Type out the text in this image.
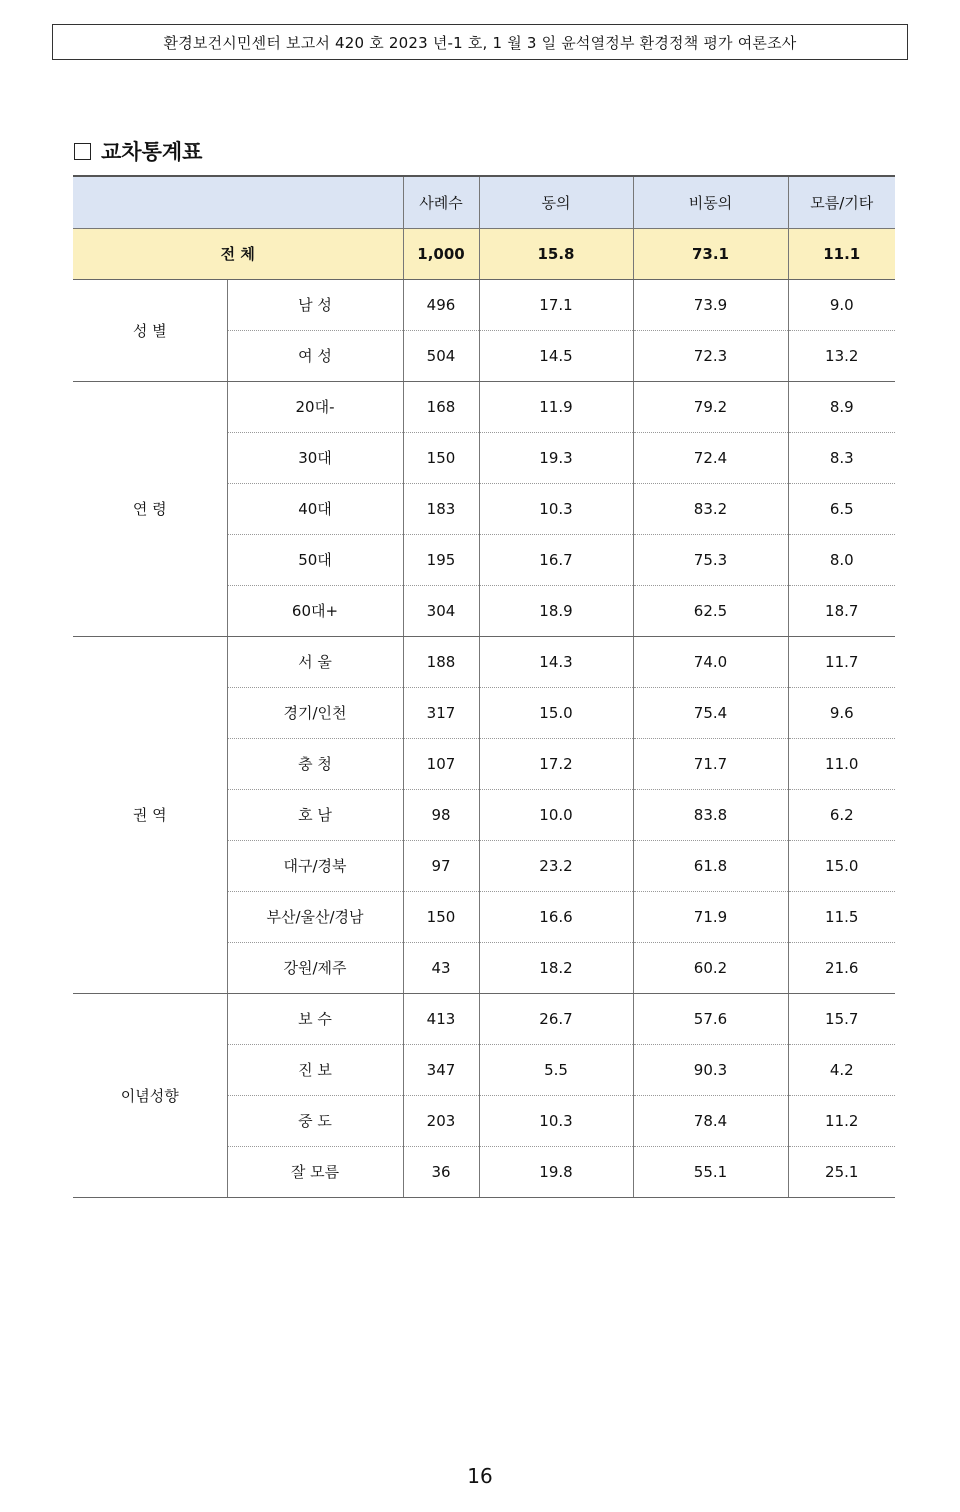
환경보건시민센터 보고서 420 호 2023 년-1 호, 1 월 3 일 윤석열정부 환경정책 평가 여론조사
교차통계표
		사례수	동의	비동의	모름/기타
전 체		1,000	15.8	73.1	11.1
성 별	남 성	496	17.1	73.9	9.0
	여 성	504	14.5	72.3	13.2
연 령	20대-	168	11.9	79.2	8.9
	30대	150	19.3	72.4	8.3
	40대	183	10.3	83.2	6.5
	50대	195	16.7	75.3	8.0
	60대+	304	18.9	62.5	18.7
권 역	서 울	188	14.3	74.0	11.7
	경기/인천	317	15.0	75.4	9.6
	충 청	107	17.2	71.7	11.0
	호 남	98	10.0	83.8	6.2
	대구/경북	97	23.2	61.8	15.0
	부산/울산/경남	150	16.6	71.9	11.5
	강원/제주	43	18.2	60.2	21.6
이념성향	보 수	413	26.7	57.6	15.7
	진 보	347	5.5	90.3	4.2
	중 도	203	10.3	78.4	11.2
	잘 모름	36	19.8	55.1	25.1
16
